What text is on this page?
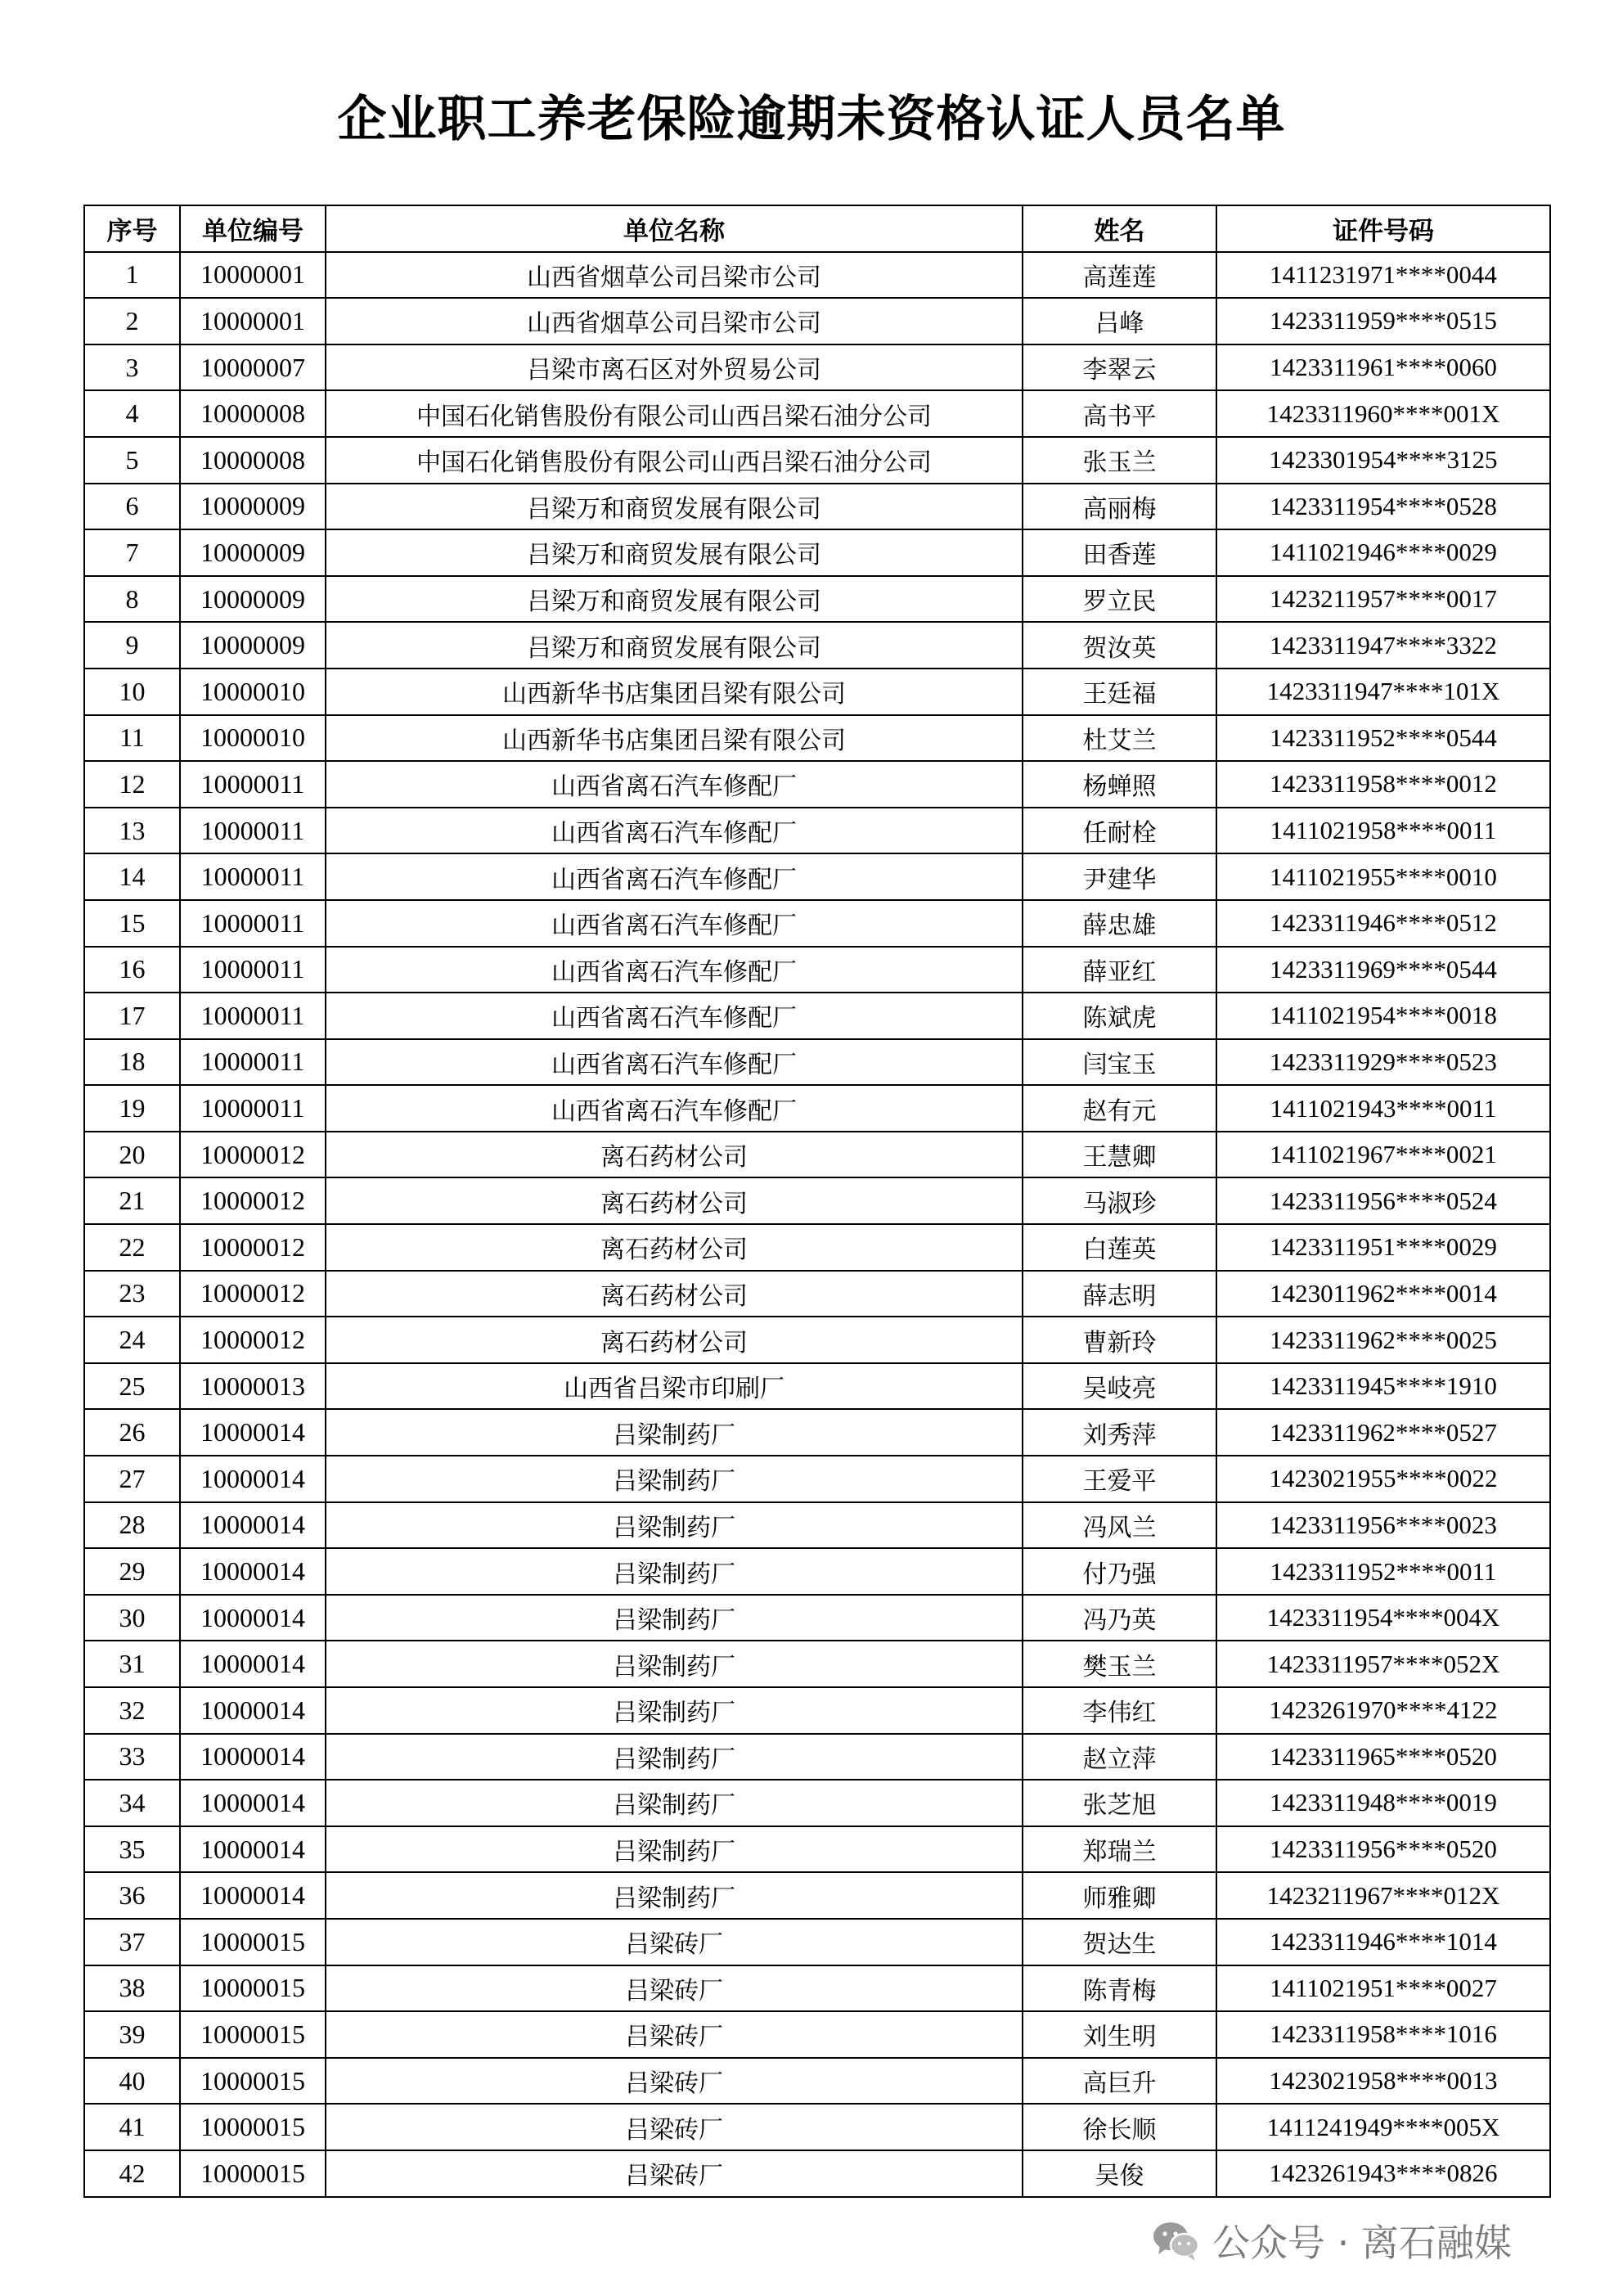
企业职工养老保险逾期未资格认证人员名单
序号	单位编号	单位名称	姓名	证件号码
1	10000001	山西省烟草公司吕梁市公司	高莲莲	1411231971****0044
2	10000001	山西省烟草公司吕梁市公司	吕峰	1423311959****0515
3	10000007	吕梁市离石区对外贸易公司	李翠云	1423311961****0060
4	10000008	中国石化销售股份有限公司山西吕梁石油分公司	高书平	1423311960****001X
5	10000008	中国石化销售股份有限公司山西吕梁石油分公司	张玉兰	1423301954****3125
6	10000009	吕梁万和商贸发展有限公司	高丽梅	1423311954****0528
7	10000009	吕梁万和商贸发展有限公司	田香莲	1411021946****0029
8	10000009	吕梁万和商贸发展有限公司	罗立民	1423211957****0017
9	10000009	吕梁万和商贸发展有限公司	贺汝英	1423311947****3322
10	10000010	山西新华书店集团吕梁有限公司	王廷福	1423311947****101X
11	10000010	山西新华书店集团吕梁有限公司	杜艾兰	1423311952****0544
12	10000011	山西省离石汽车修配厂	杨蝉照	1423311958****0012
13	10000011	山西省离石汽车修配厂	任耐栓	1411021958****0011
14	10000011	山西省离石汽车修配厂	尹建华	1411021955****0010
15	10000011	山西省离石汽车修配厂	薛忠雄	1423311946****0512
16	10000011	山西省离石汽车修配厂	薛亚红	1423311969****0544
17	10000011	山西省离石汽车修配厂	陈斌虎	1411021954****0018
18	10000011	山西省离石汽车修配厂	闫宝玉	1423311929****0523
19	10000011	山西省离石汽车修配厂	赵有元	1411021943****0011
20	10000012	离石药材公司	王慧卿	1411021967****0021
21	10000012	离石药材公司	马淑珍	1423311956****0524
22	10000012	离石药材公司	白莲英	1423311951****0029
23	10000012	离石药材公司	薛志明	1423011962****0014
24	10000012	离石药材公司	曹新玲	1423311962****0025
25	10000013	山西省吕梁市印刷厂	吴岐亮	1423311945****1910
26	10000014	吕梁制药厂	刘秀萍	1423311962****0527
27	10000014	吕梁制药厂	王爱平	1423021955****0022
28	10000014	吕梁制药厂	冯风兰	1423311956****0023
29	10000014	吕梁制药厂	付乃强	1423311952****0011
30	10000014	吕梁制药厂	冯乃英	1423311954****004X
31	10000014	吕梁制药厂	樊玉兰	1423311957****052X
32	10000014	吕梁制药厂	李伟红	1423261970****4122
33	10000014	吕梁制药厂	赵立萍	1423311965****0520
34	10000014	吕梁制药厂	张芝旭	1423311948****0019
35	10000014	吕梁制药厂	郑瑞兰	1423311956****0520
36	10000014	吕梁制药厂	师雅卿	1423211967****012X
37	10000015	吕梁砖厂	贺达生	1423311946****1014
38	10000015	吕梁砖厂	陈青梅	1411021951****0027
39	10000015	吕梁砖厂	刘生明	1423311958****1016
40	10000015	吕梁砖厂	高巨升	1423021958****0013
41	10000015	吕梁砖厂	徐长顺	1411241949****005X
42	10000015	吕梁砖厂	吴俊	1423261943****0826
公众号 · 离石融媒
